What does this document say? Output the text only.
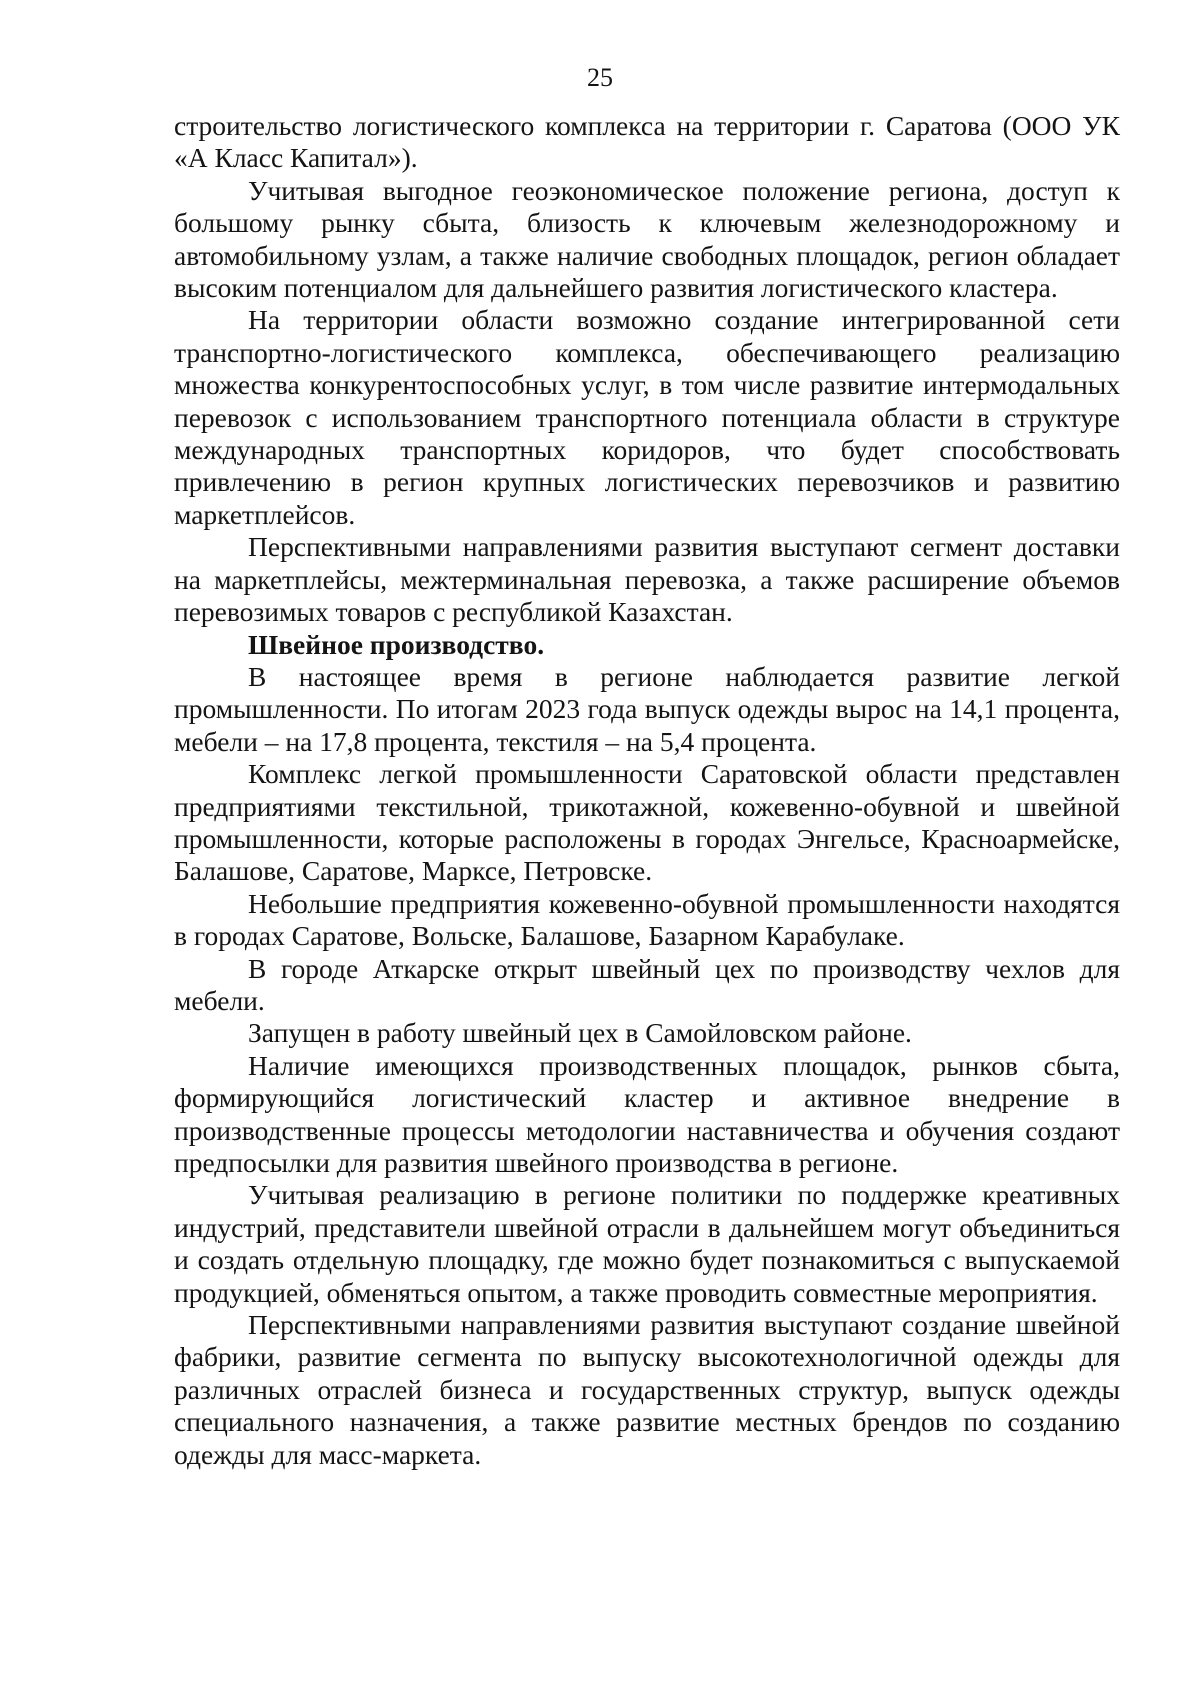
25

строительство логистического комплекса на территории г. Саратова (ООО УК «А Класс Капитал»).

Учитывая выгодное геоэкономическое положение региона, доступ к большому рынку сбыта, близость к ключевым железнодорожному и автомобильному узлам, а также наличие свободных площадок, регион обладает высоким потенциалом для дальнейшего развития логистического кластера.

На территории области возможно создание интегрированной сети транспортно-логистического комплекса, обеспечивающего реализацию множества конкурентоспособных услуг, в том числе развитие интермодальных перевозок с использованием транспортного потенциала области в структуре международных транспортных коридоров, что будет способствовать привлечению в регион крупных логистических перевозчиков и развитию маркетплейсов.

Перспективными направлениями развития выступают сегмент доставки на маркетплейсы, межтерминальная перевозка, а также расширение объемов перевозимых товаров с республикой Казахстан.

Швейное производство.

В настоящее время в регионе наблюдается развитие легкой промышленности. По итогам 2023 года выпуск одежды вырос на 14,1 процента, мебели – на 17,8 процента, текстиля – на 5,4 процента.

Комплекс легкой промышленности Саратовской области представлен предприятиями текстильной, трикотажной, кожевенно-обувной и швейной промышленности, которые расположены в городах Энгельсе, Красноармейске, Балашове, Саратове, Марксе, Петровске.

Небольшие предприятия кожевенно-обувной промышленности находятся в городах Саратове, Вольске, Балашове, Базарном Карабулаке.

В городе Аткарске открыт швейный цех по производству чехлов для мебели.

Запущен в работу швейный цех в Самойловском районе.

Наличие имеющихся производственных площадок, рынков сбыта, формирующийся логистический кластер и активное внедрение в производственные процессы методологии наставничества и обучения создают предпосылки для развития швейного производства в регионе.

Учитывая реализацию в регионе политики по поддержке креативных индустрий, представители швейной отрасли в дальнейшем могут объединиться и создать отдельную площадку, где можно будет познакомиться с выпускаемой продукцией, обменяться опытом, а также проводить совместные мероприятия.

Перспективными направлениями развития выступают создание швейной фабрики, развитие сегмента по выпуску высокотехнологичной одежды для различных отраслей бизнеса и государственных структур, выпуск одежды специального назначения, а также развитие местных брендов по созданию одежды для масс-маркета.
